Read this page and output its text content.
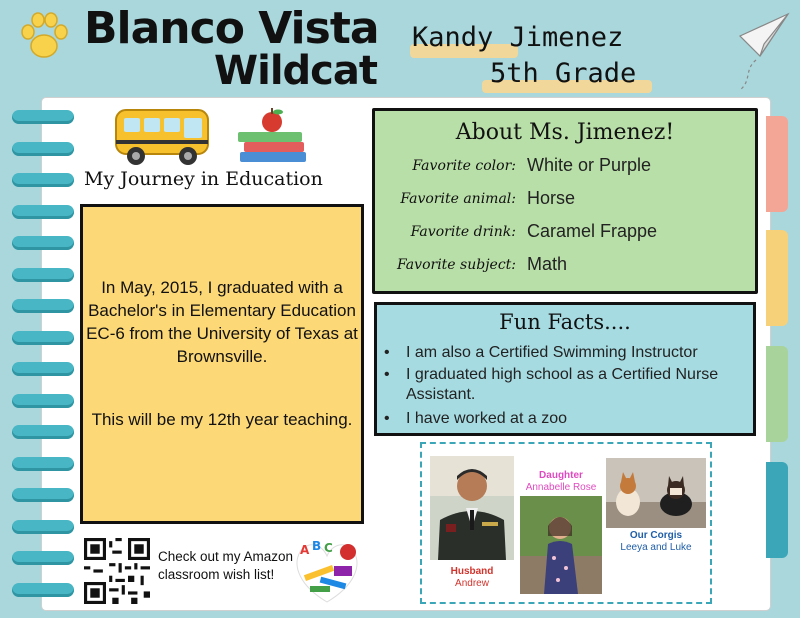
Blanco Vista
Wildcat
Kandy Jimenez
5th Grade
My Journey in Education
In May, 2015, I graduated with a Bachelor's in Elementary Education EC-6 from the University of Texas at Brownsville.
This will be my 12th year teaching.
About Ms. Jimenez!
Favorite color: White or Purple
Favorite animal: Horse
Favorite drink: Caramel Frappe
Favorite subject: Math
Fun Facts....
• I am also a Certified Swimming Instructor
• I graduated high school as a Certified Nurse Assistant.
• I have worked at a zoo
Husband
Andrew
Daughter
Annabelle Rose
Our Corgis
Leeya and Luke
Check out my Amazon classroom wish list!
A B C
